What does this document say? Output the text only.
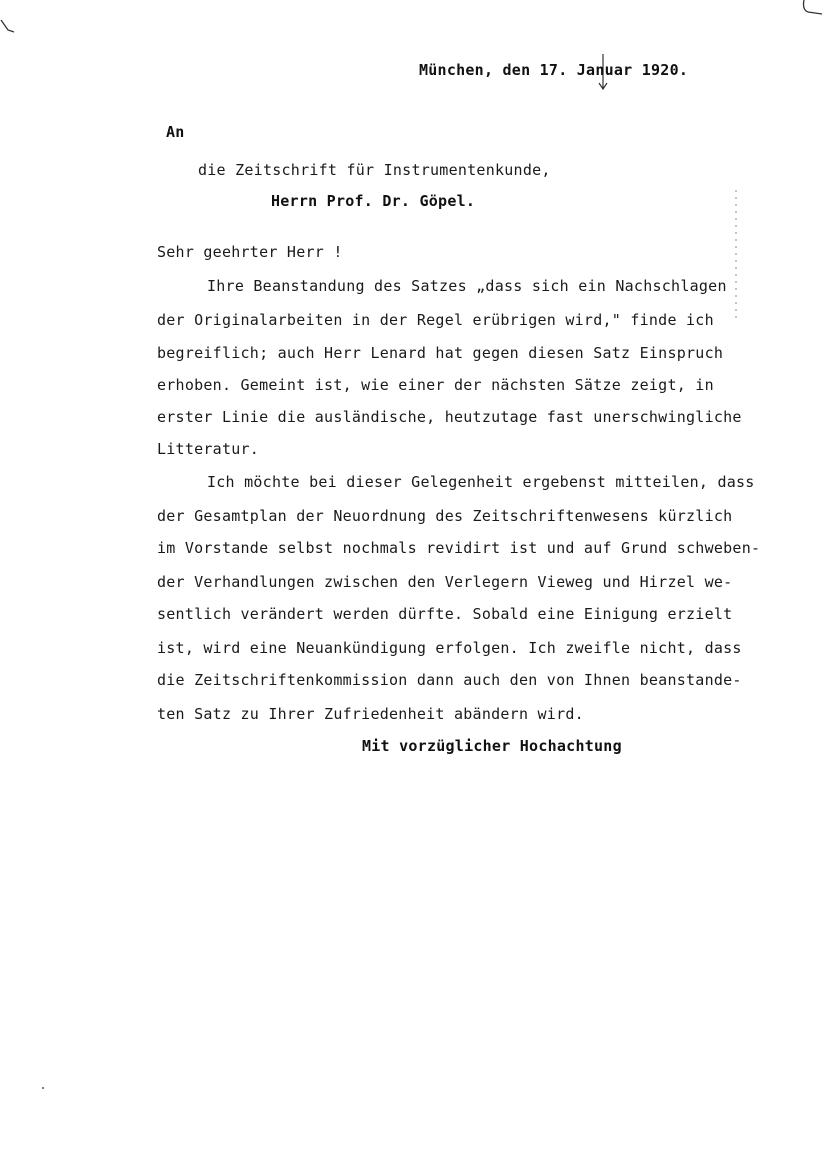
München, den 17. Januar 1920.
An
die Zeitschrift für Instrumentenkunde,
Herrn Prof. Dr. Göpel.
Sehr geehrter Herr !
Ihre Beanstandung des Satzes „dass sich ein Nachschlagen
der Originalarbeiten in der Regel erübrigen wird," finde ich
begreiflich; auch Herr Lenard hat gegen diesen Satz Einspruch
erhoben. Gemeint ist, wie einer der nächsten Sätze zeigt, in
erster Linie die ausländische, heutzutage fast unerschwingliche
Litteratur.
Ich möchte bei dieser Gelegenheit ergebenst mitteilen, dass
der Gesamtplan der Neuordnung des Zeitschriftenwesens kürzlich
im Vorstande selbst nochmals revidirt ist und auf Grund schweben-
der Verhandlungen zwischen den Verlegern Vieweg und Hirzel we-
sentlich verändert werden dürfte. Sobald eine Einigung erzielt
ist, wird eine Neuankündigung erfolgen. Ich zweifle nicht, dass
die Zeitschriftenkommission dann auch den von Ihnen beanstande-
ten Satz zu Ihrer Zufriedenheit abändern wird.
Mit vorzüglicher Hochachtung
